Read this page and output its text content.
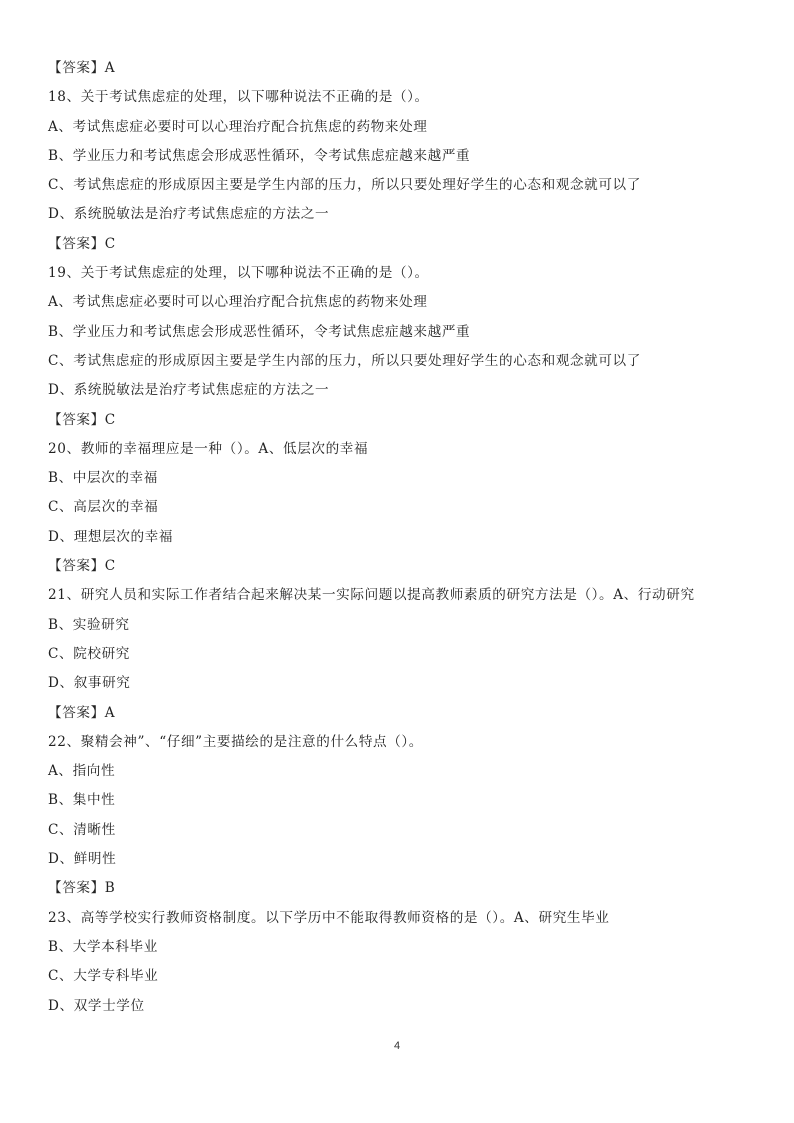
【答案】A
18、关于考试焦虑症的处理，以下哪种说法不正确的是（）。
A、考试焦虑症必要时可以心理治疗配合抗焦虑的药物来处理
B、学业压力和考试焦虑会形成恶性循环，令考试焦虑症越来越严重
C、考试焦虑症的形成原因主要是学生内部的压力，所以只要处理好学生的心态和观念就可以了
D、系统脱敏法是治疗考试焦虑症的方法之一
【答案】C
19、关于考试焦虑症的处理，以下哪种说法不正确的是（）。
A、考试焦虑症必要时可以心理治疗配合抗焦虑的药物来处理
B、学业压力和考试焦虑会形成恶性循环，令考试焦虑症越来越严重
C、考试焦虑症的形成原因主要是学生内部的压力，所以只要处理好学生的心态和观念就可以了
D、系统脱敏法是治疗考试焦虑症的方法之一
【答案】C
20、教师的幸福理应是一种（）。A、低层次的幸福
B、中层次的幸福
C、高层次的幸福
D、理想层次的幸福
【答案】C
21、研究人员和实际工作者结合起来解决某一实际问题以提高教师素质的研究方法是（）。A、行动研究
B、实验研究
C、院校研究
D、叙事研究
【答案】A
22、聚精会神”、“仔细”主要描绘的是注意的什么特点（）。
A、指向性
B、集中性
C、清晰性
D、鲜明性
【答案】B
23、高等学校实行教师资格制度。以下学历中不能取得教师资格的是（）。A、研究生毕业
B、大学本科毕业
C、大学专科毕业
D、双学士学位
4
